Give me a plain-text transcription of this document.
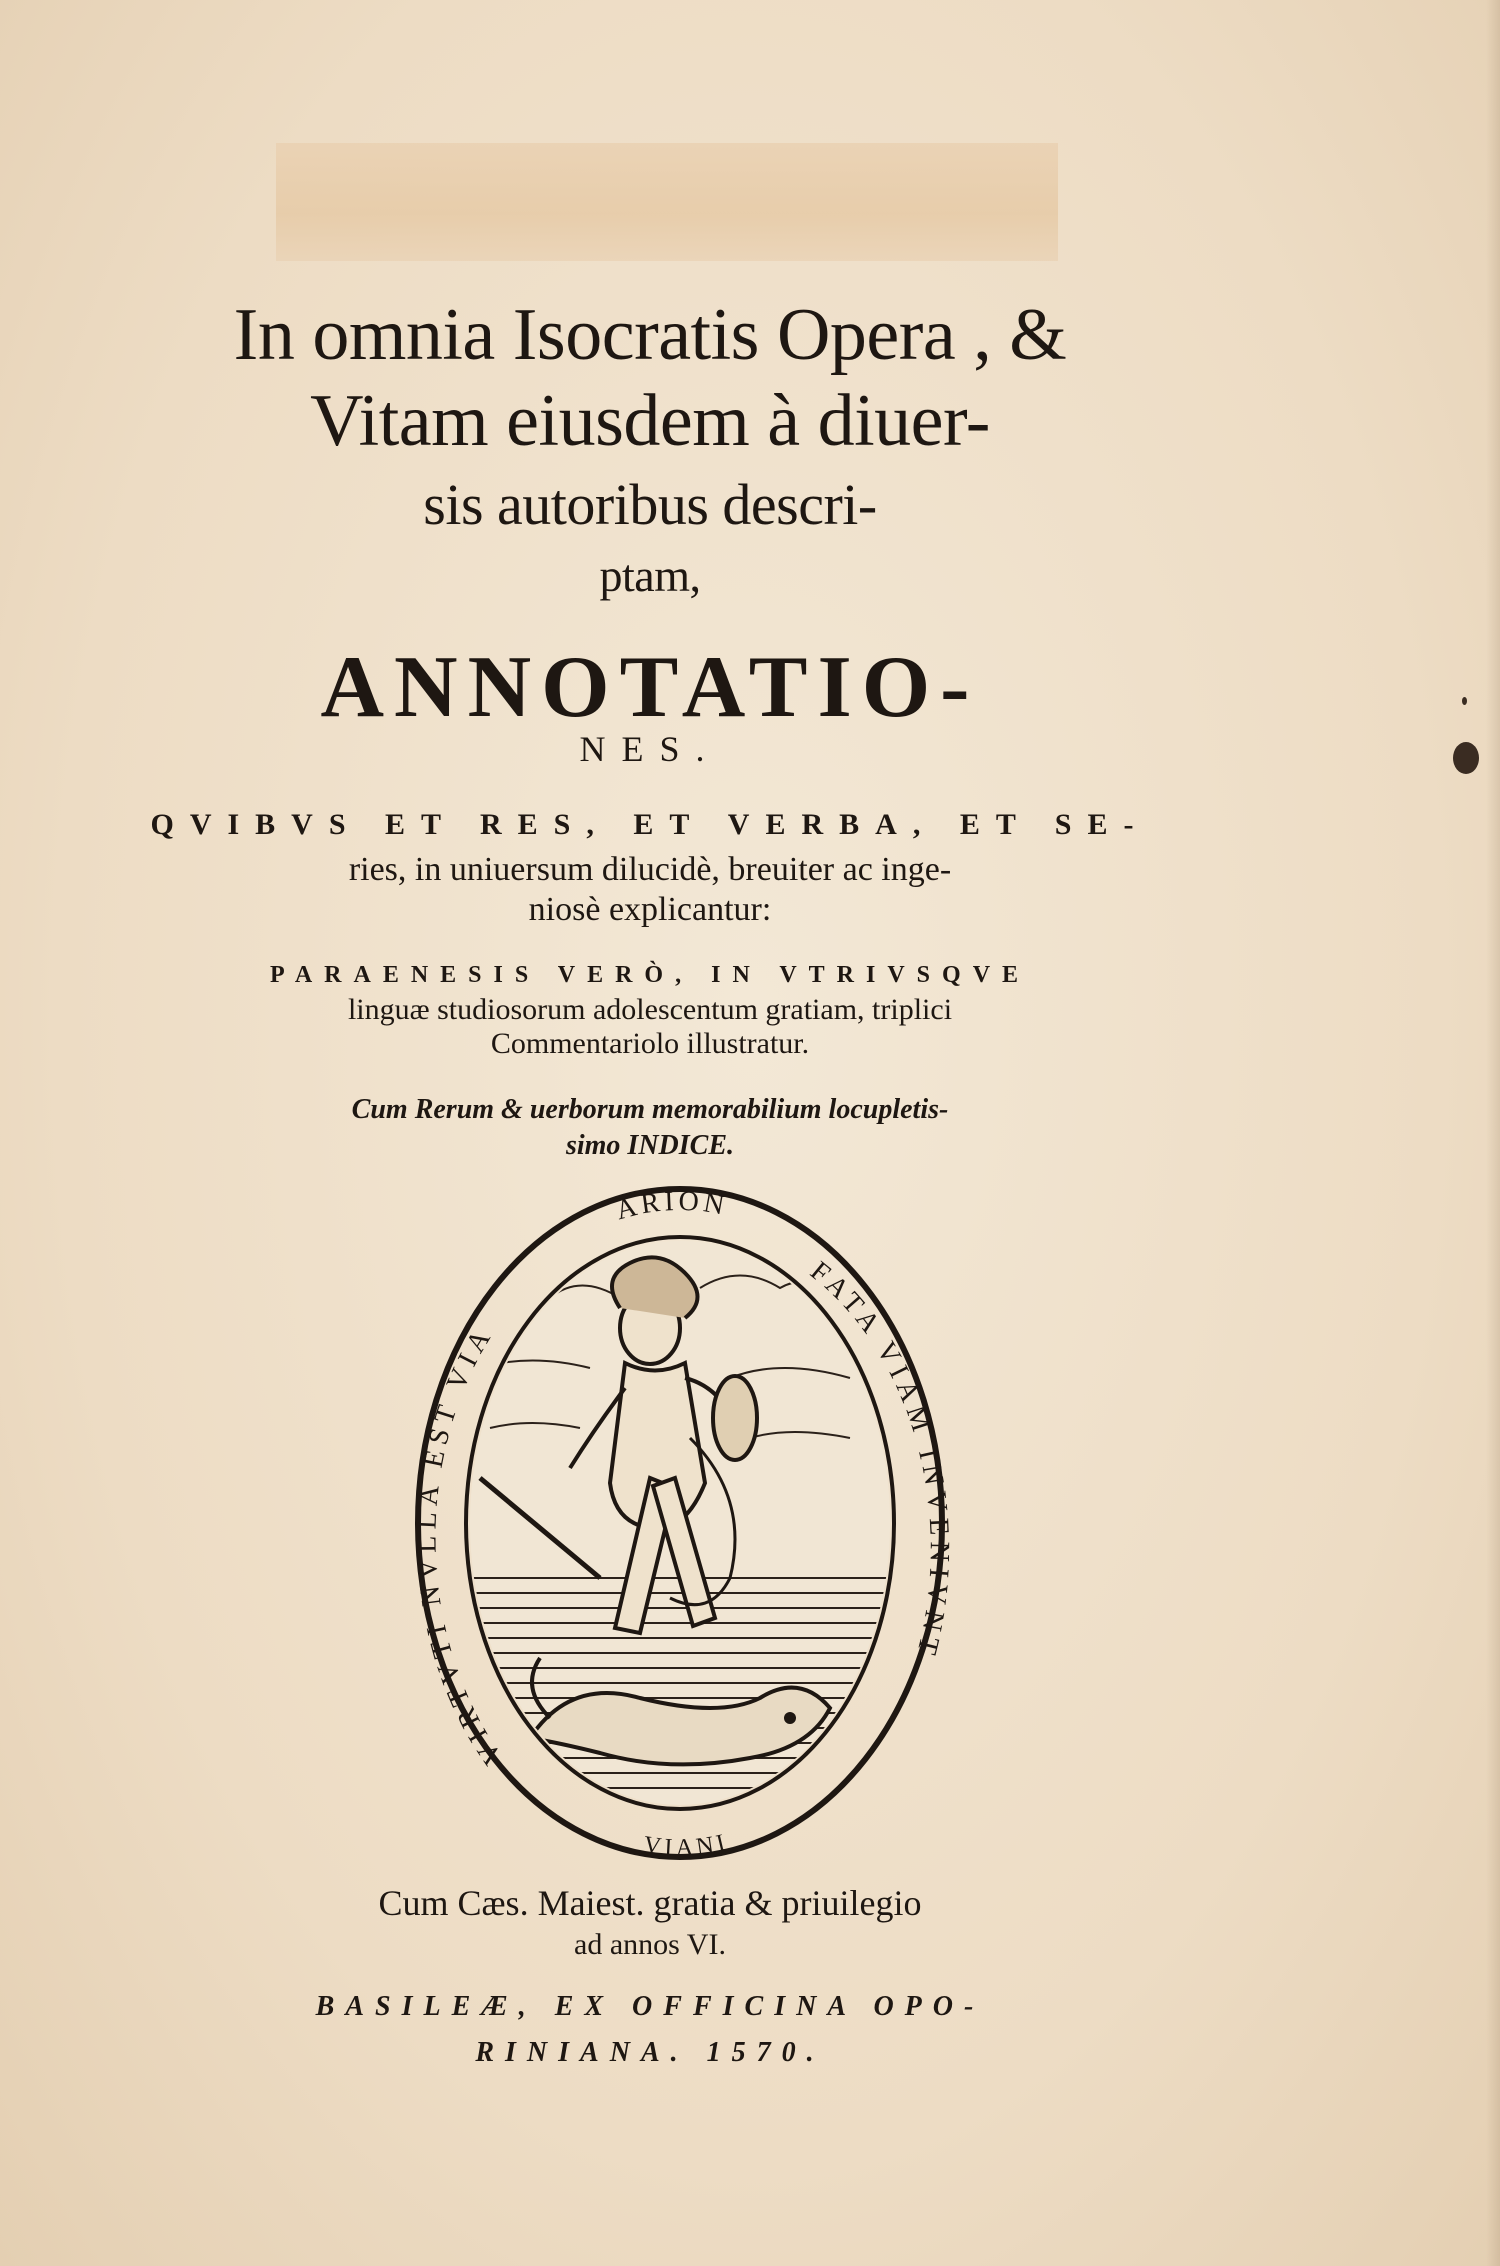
In omnia Isocratis Opera , &
Vitam eiusdem à diuer-
sis autoribus descri-
ptam,
ANNOTATIO-
NES.
QVIBVS ET RES, ET VERBA, ET SE-
ries, in uniuersum dilucidè, breuiter ac inge-
niosè explicantur:
PARAENESIS VERÒ, IN VTRIVSQVE
linguæ studiosorum adolescentum gratiam, triplici
Commentariolo illustratur.
Cum Rerum & uerborum memorabilium locupletis-
simo INDICE.
ARION
VIRTVTI NVLLA EST VIA
FATA VIAM INVENIVNT
VIANI
Cum Cæs. Maiest. gratia & priuilegio
ad annos VI.
BASILEÆ, EX OFFICINA OPO-
RINIANA. 1570.
